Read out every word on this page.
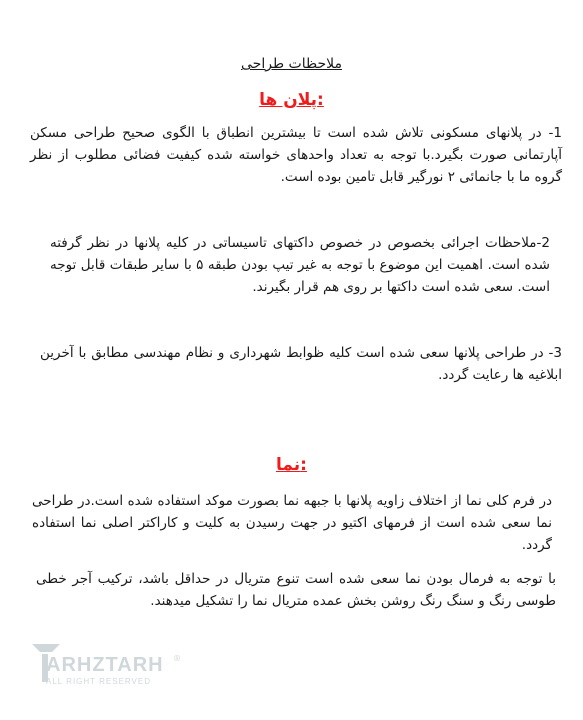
ملاحظات طراحی
پلان ها:
1- در پلانهای مسکونی تلاش شده است تا بیشترین انطباق با الگوی صحیح طراحی مسکن آپارتمانی صورت بگیرد.با توجه به تعداد واحدهای خواسته شده کیفیت فضائی مطلوب از نظر گروه ما با جانمائی ۲ نورگیر قابل تامین بوده است.
2-ملاحظات اجرائی بخصوص در خصوص داکتهای تاسیساتی در کلیه پلانها در نظر گرفته شده است. اهمیت این موضوع با توجه به غیر تیپ بودن طبقه ۵ با سایر طبقات قابل توجه است. سعی شده است داکتها بر روی هم قرار بگیرند.
3- در طراحی پلانها سعی شده است کلیه ظوابط شهرداری و نظام مهندسی مطابق با آخرین ابلاغیه ها رعایت گردد.
نما:
در فرم کلی نما از اختلاف زاویه پلانها با جبهه نما بصورت موکد استفاده شده است.در طراحی نما سعی شده است از فرمهای اکتیو در جهت رسیدن به کلیت و کاراکتر اصلی نما استفاده گردد.
با توجه به فرمال بودن نما سعی شده است تنوع متریال در حداقل باشد، ترکیب آجر خطی طوسی رنگ و سنگ رنگ روشن بخش عمده متریال نما را تشکیل میدهند.
ARHZTARH
ALL RIGHT RESERVED
®
